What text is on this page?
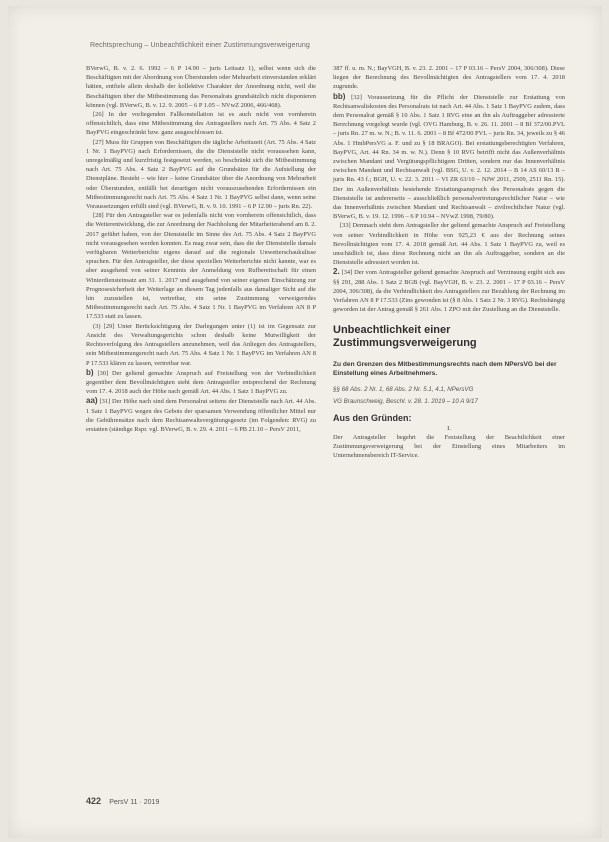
Rechtsprechung – Unbeachtlichkeit einer Zustimmungsverweigerung

BVerwG, B. v. 2. 6. 1992 – 6 P 14.90 – juris Leitsatz 1), selbst wenn sich die Beschäftigten mit der Abordnung von Überstunden oder Mehrarbeit einverstanden erklärt hätten, entfiele allein deshalb der kollektive Charakter der Anordnung nicht, weil die Beschäftigten über die Mitbestimmung das Personalrats grundsätzlich nicht disponieren können (vgl. BVerwG, B. v. 12. 9. 2005 – 6 P 1.05 – NVwZ 2006, 466/468).

[26] In der vorliegenden Fallkonstellation ist es auch nicht von vornherein offensichtlich, dass eine Mitbestimmung des Antragstellers nach Art. 75 Abs. 4 Satz 2 BayPVG eingeschränkt bzw. ganz ausgeschlossen ist.

[27] Muss für Gruppen von Beschäftigten die tägliche Arbeitszeit (Art. 75 Abs. 4 Satz 1 Nr. 1 BayPVG) nach Erfordernissen, die die Dienststelle nicht voraussehen kann, unregelmäßig und kurzfristig festgesetzt werden, so beschränkt sich die Mitbestimmung nach Art. 75 Abs. 4 Satz 2 BayPVG auf die Grundsätze für die Aufstellung der Dienstpläne. Besteht – wie hier – keine Grundsätze über die Anordnung von Mehrarbeit oder Überstunden, entfällt bei derartigen nicht vorauszusehenden Erfordernissen ein Mitbestimmungsrecht nach Art. 75 Abs. 4 Satz 1 Nr. 1 BayPVG selbst dann, wenn seine Voraussetzungen erfüllt sind (vgl. BVerwG, B. v. 9. 10. 1991 – 6 P 12.90 – juris Rn. 22).

[28] Für den Antragsteller war es jedenfalls nicht von vornherein offensichtlich, dass die Weiterentwicklung, die zur Anordnung der Nachholung der Mitarbeiterabend am 8. 2. 2017 geführt haben, von der Dienststelle im Sinne des Art. 75 Abs. 4 Satz 2 BayPVG nicht vorausgesehen werden konnten. Es mag zwar sein, dass die der Dienststelle damals verfügbaren Wetterberichte eigens darauf auf die regionale Unwetterschaukulisse sprachen. Für den Antragsteller, der diese speziellen Wetterberichte nicht kannte, war es aber ausgehend von seiner Kenntnis der Anmeldung von Rufbereitschaft für einen Winterdiensteinsatz am 31. 1. 2017 und ausgehend von seiner eigenen Einschätzung zur Prognosesicherheit der Wetterlage an diesem Tag jedenfalls aus damaliger Sicht auf die hin zuzustellen ist, vertretbar, ein seine Zustimmung verweigerndes Mitbestimmungsrecht nach Art. 75 Abs. 4 Satz 1 Nr. 1 BayPVG im Verfahren AN 8 P 17.533 statt zu lassen.

(3) [29] Unter Berücksichtigung der Darlegungen unter (1) ist im Gegensatz zur Ansicht des Verwaltungsgerichts schon deshalb keine Mutwilligkeit der Rechtsverfolgung des Antragstellers anzunehmen, weil das Anliegen des Antragstellers, sein Mitbestimmungsrecht nach Art. 75 Abs. 4 Satz 1 Nr. 1 BayPVG im Verfahren AN 8 P 17.533 klären zu lassen, vertretbar war.

b) [30] Der geltend gemachte Anspruch auf Freistellung von der Verbindlichkeit gegenüber dem Bevollmächtigten steht dem Antragsteller entsprechend der Rechnung vom 17. 4. 2018 auch der Höhe nach gemäß Art. 44 Abs. 1 Satz 1 BayPVG zu.

aa) [31] Der Höhe nach sind dem Personalrat seitens der Dienststelle nach Art. 44 Abs. 1 Satz 1 BayPVG wegen des Gebots der sparsamen Verwendung öffentlicher Mittel nur die Gebührensätze nach dem Rechtsanwaltsvergütungsgesetz (im Folgenden: RVG) zu erstatten (ständige Rspr. vgl. BVerwG, B. v. 29. 4. 2011 – 6 PB 21.10 – PersV 2011,

387 ff. u. m. N.; BayVGH, B. v. 23. 2. 2001 – 17 P 03.16 – PersV 2004, 306/308). Diese liegen der Berechnung des Bevollmächtigten des Antragstellers vom 17. 4. 2018 zugrunde.

bb) [32] Voraussetzung für die Pflicht der Dienststelle zur Erstattung von Rechtsanwaltskosten des Personalrats ist nach Art. 44 Abs. 1 Satz 1 BayPVG zudem, dass dem Personalrat gemäß § 10 Abs. 1 Satz 1 RVG eine an ihn als Auftraggeber adressierte Berechnung vorgelegt wurde (vgl. OVG Hamburg, B. v. 26. 11. 2001 – 8 Bf 372/00.PVL – juris Rn. 27 m. w. N.; B. v. 11. 6. 2001 – 8 Bf 472/00 PVL – juris Rn. 34, jeweils zu § 46 Abs. 1 HmbPersVG a. F. und zu § 18 BRAGO). Bei erstattungsberechtigten Verfahren, BayPVG, Art. 44 Rn. 34 m. w. N.). Denn § 10 RVG betrifft nicht das Außenverhältnis zwischen Mandant und Vergütungspflichtigem Dritten, sondern nur das Innenverhältnis zwischen Mandant und Rechtsanwalt (vgl. BSG, U. v. 2. 12. 2014 – B 14 AS 60/13 R – juris Rn. 43 f.; BGH, U. v. 22. 3. 2011 – VI ZR 63/10 – NJW 2011, 2509, 2511 Rn. 15). Der im Außenverhältnis bestehende Erstattungsanspruch des Personalrats gegen die Dienststelle ist andererseits – ausschließlich personalvertretungsrechtlicher Natur – wie das Innenverhältnis zwischen Mandant und Rechtsanwalt – zivilrechtlicher Natur (vgl. BVerwG, B. v. 19. 12. 1996 – 6 P 10.94 – NVwZ 1998, 79/80).

[33] Demnach steht dem Antragsteller der geltend gemachte Anspruch auf Freistellung von seiner Verbindlichkeit in Höhe von 925,23 € aus der Rechnung seines Bevollmächtigten vom 17. 4. 2018 gemäß Art. 44 Abs. 1 Satz 1 BayPVG zu, weil es unschädlich ist, dass diese Rechnung nicht an ihn als Auftraggeber, sondern an die Dienststelle adressiert worden ist.

2. [34] Der vom Antragsteller geltend gemachte Anspruch auf Verzinsung ergibt sich aus §§ 291, 288 Abs. 1 Satz 2 BGB (vgl. BayVGH, B. v. 23. 2. 2001 – 17 P 03.16 – PersV 2004, 306/308), da die Verbindlichkeit des Antragstellers zur Bezahlung der Rechnung im Verfahren AN 8 P 17.533 (Zins gewonden ist (§ 8 Abs. 1 Satz 2 Nr. 3 RVG). Rechtshängig geworden ist der Antrag gemäß § 261 Abs. 1 ZPO mit der Zustellung an die Dienststelle.

Unbeachtlichkeit einer Zustimmungsverweigerung

Zu den Grenzen des Mitbestimmungsrechts nach dem NPersVG bei der Einstellung eines Arbeitnehmers.

§§ 68 Abs. 2 Nr. 1, 68 Abs. 2 Nr. 5.1, 4.1, NPersVG

VG Braunschweig, Beschl. v. 28. 1. 2019 – 10 A 9/17

Aus den Gründen:

I.

Der Antragsteller begehrt die Feststellung der Beachtlichkeit einer Zustimmungsverweigerung bei der Einstellung eines Mitarbeiters im Unternehmensbereich IT-Service.

422 PersV 11 · 2019
